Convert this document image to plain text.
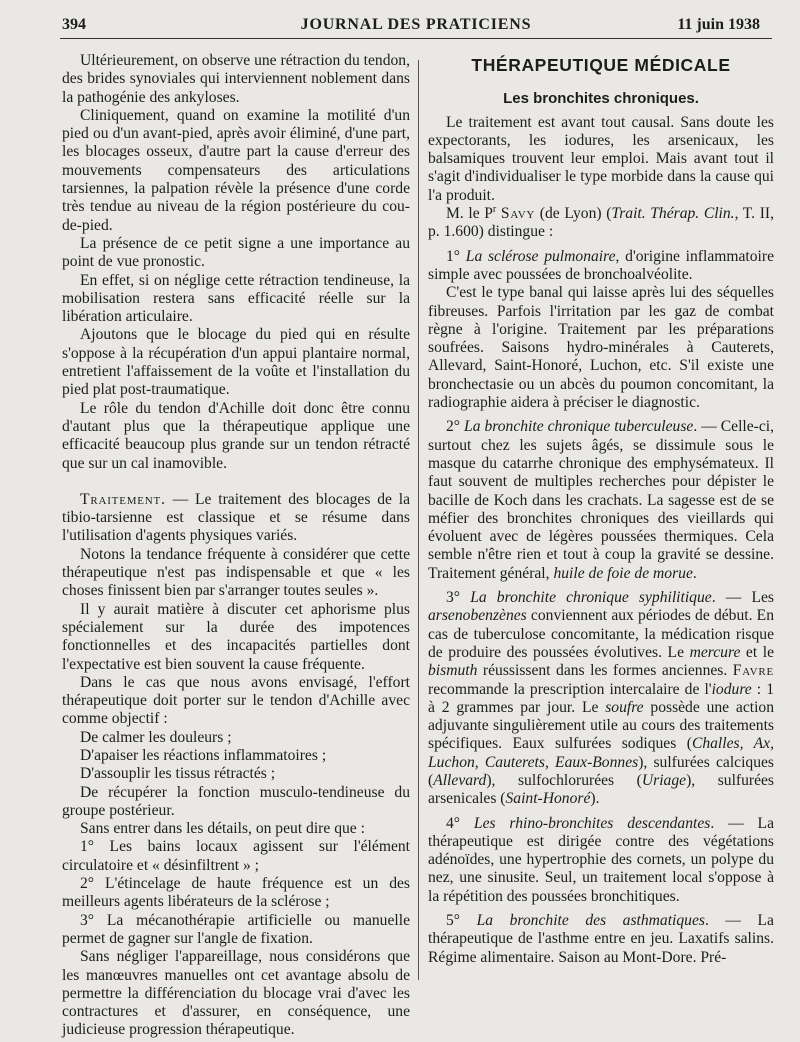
394	JOURNAL DES PRATICIENS	11 juin 1938

Ultérieurement, on observe une rétraction du tendon, des brides synoviales qui interviennent noblement dans la pathogénie des ankyloses.

Cliniquement, quand on examine la motilité d'un pied ou d'un avant-pied, après avoir éliminé, d'une part, les blocages osseux, d'autre part la cause d'erreur des mouvements compensateurs des articulations tarsiennes, la palpation révèle la présence d'une corde très tendue au niveau de la région postérieure du cou-de-pied.

La présence de ce petit signe a une importance au point de vue pronostic.

En effet, si on néglige cette rétraction tendineuse, la mobilisation restera sans efficacité réelle sur la libération articulaire.

Ajoutons que le blocage du pied qui en résulte s'oppose à la récupération d'un appui plantaire normal, entretient l'affaissement de la voûte et l'installation du pied plat post-traumatique.

Le rôle du tendon d'Achille doit donc être connu d'autant plus que la thérapeutique applique une efficacité beaucoup plus grande sur un tendon rétracté que sur un cal inamovible.

Traitement. — Le traitement des blocages de la tibio-tarsienne est classique et se résume dans l'utilisation d'agents physiques variés.

Notons la tendance fréquente à considérer que cette thérapeutique n'est pas indispensable et que « les choses finissent bien par s'arranger toutes seules ».

Il y aurait matière à discuter cet aphorisme plus spécialement sur la durée des impotences fonctionnelles et des incapacités partielles dont l'expectative est bien souvent la cause fréquente.

Dans le cas que nous avons envisagé, l'effort thérapeutique doit porter sur le tendon d'Achille avec comme objectif :

De calmer les douleurs ;

D'apaiser les réactions inflammatoires ;

D'assouplir les tissus rétractés ;

De récupérer la fonction musculo-tendineuse du groupe postérieur.

Sans entrer dans les détails, on peut dire que :

1° Les bains locaux agissent sur l'élément circulatoire et « désinfiltrent » ;

2° L'étincelage de haute fréquence est un des meilleurs agents libérateurs de la sclérose ;

3° La mécanothérapie artificielle ou manuelle permet de gagner sur l'angle de fixation.

Sans négliger l'appareillage, nous considérons que les manœuvres manuelles ont cet avantage absolu de permettre la différenciation du blocage vrai d'avec les contractures et d'assurer, en conséquence, une judicieuse progression thérapeutique.

THÉRAPEUTIQUE MÉDICALE
Les bronchites chroniques.

Le traitement est avant tout causal. Sans doute les expectorants, les iodures, les arsenicaux, les balsamiques trouvent leur emploi. Mais avant tout il s'agit d'individualiser le type morbide dans la cause qui l'a produit.

M. le $P^r$ Savy (de Lyon) (Trait. Thérap. Clin., T. II, p. 1.600) distingue :

1° La sclérose pulmonaire, d'origine inflammatoire simple avec poussées de bronchoalvéolite.

C'est le type banal qui laisse après lui des séquelles fibreuses. Parfois l'irritation par les gaz de combat règne à l'origine. Traitement par les préparations soufrées. Saisons hydro-minérales à Cauterets, Allevard, Saint-Honoré, Luchon, etc. S'il existe une bronchectasie ou un abcès du poumon concomitant, la radiographie aidera à préciser le diagnostic.

2° La bronchite chronique tuberculeuse. — Celle-ci, surtout chez les sujets âgés, se dissimule sous le masque du catarrhe chronique des emphysémateux. Il faut souvent de multiples recherches pour dépister le bacille de Koch dans les crachats. La sagesse est de se méfier des bronchites chroniques des vieillards qui évoluent avec de légères poussées thermiques. Cela semble n'être rien et tout à coup la gravité se dessine. Traitement général, huile de foie de morue.

3° La bronchite chronique syphilitique. — Les arsenobenzènes conviennent aux périodes de début. En cas de tuberculose concomitante, la médication risque de produire des poussées évolutives. Le mercure et le bismuth réussissent dans les formes anciennes. Favre recommande la prescription intercalaire de l'iodure : 1 à 2 grammes par jour. Le soufre possède une action adjuvante singulièrement utile au cours des traitements spécifiques. Eaux sulfurées sodiques (Challes, Ax, Luchon, Cauterets, Eaux-Bonnes), sulfurées calciques (Allevard), sulfochlorurées (Uriage), sulfurées arsenicales (Saint-Honoré).

4° Les rhino-bronchites descendantes. — La thérapeutique est dirigée contre des végétations adénoïdes, une hypertrophie des cornets, un polype du nez, une sinusite. Seul, un traitement local s'oppose à la répétition des poussées bronchitiques.

5° La bronchite des asthmatiques. — La thérapeutique de l'asthme entre en jeu. Laxatifs salins. Régime alimentaire. Saison au Mont-Dore. Pré-
